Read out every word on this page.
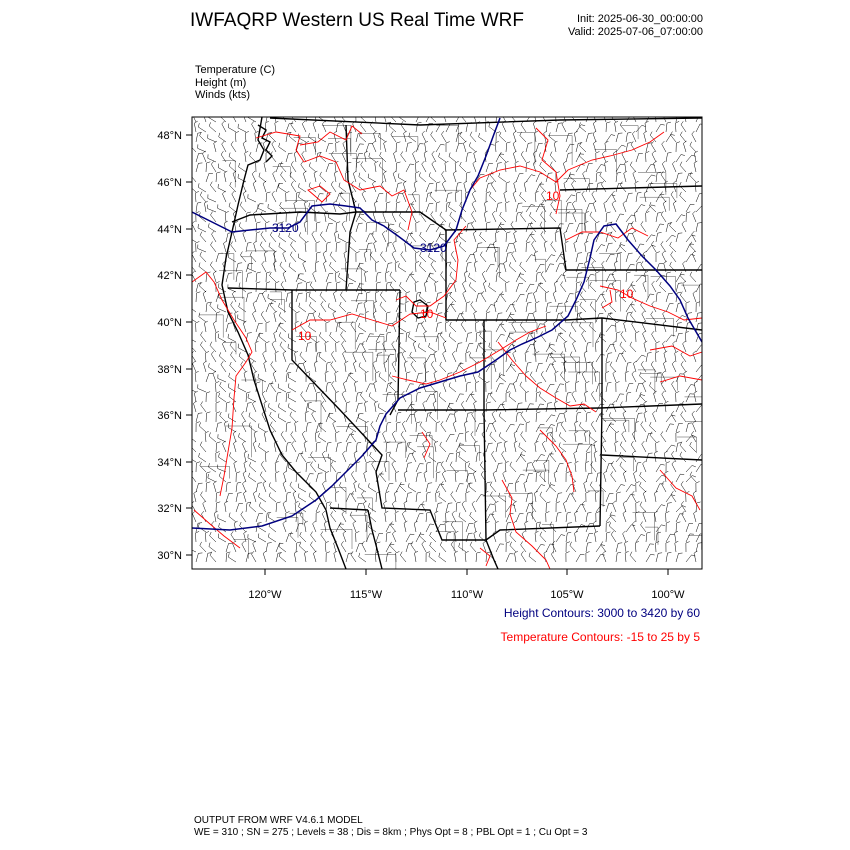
IWFAQRP Western US Real Time WRF	Init: 2025-06-30_00:00:00
Valid: 2025-07-06_07:00:00
Temperature (C)
Height (m)
Winds (kts)
3120
3120
10
10
10
10
48°N
46°N
44°N
42°N
40°N
38°N
36°N
34°N
32°N
30°N
120°W	115°W	110°W	105°W	100°W
Height Contours: 3000 to 3420 by 60
Temperature Contours: -15 to 25 by 5
OUTPUT FROM WRF V4.6.1 MODEL
WE = 310 ; SN = 275 ; Levels = 38 ; Dis = 8km ; Phys Opt = 8 ; PBL Opt = 1 ; Cu Opt = 3
